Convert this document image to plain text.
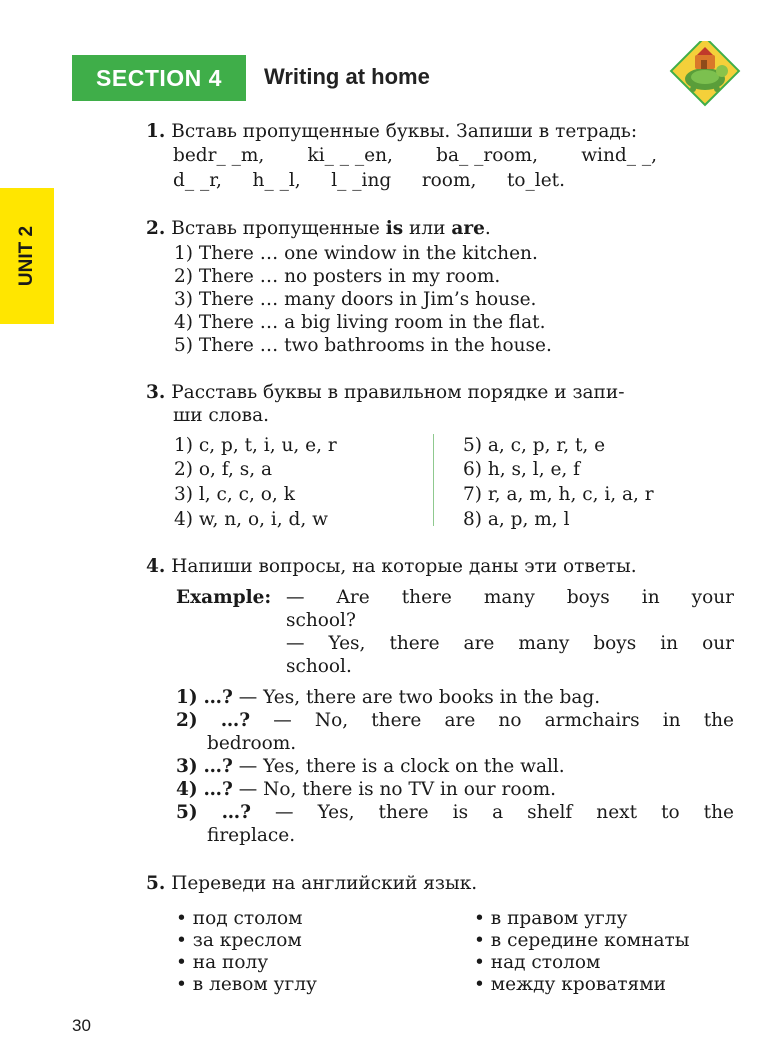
SECTION 4	Writing at home
UNIT 2
1. Вставь пропущенные буквы. Запиши в тетрадь:
bedr_ _m, ki_ _ _en, ba_ _room, wind_ _,
d_ _r, h_ _l, l_ _ing room, to_let.
2. Вставь пропущенные is или are.
1) There … one window in the kitchen.
2) There … no posters in my room.
3) There … many doors in Jim’s house.
4) There … a big living room in the flat.
5) There … two bathrooms in the house.
3. Расставь буквы в правильном порядке и запи-
ши слова.
1) c, p, t, i, u, e, r
2) o, f, s, a
3) l, c, c, o, k
4) w, n, o, i, d, w
5) a, c, p, r, t, e
6) h, s, l, e, f
7) r, a, m, h, c, i, a, r
8) a, p, m, l
4. Напиши вопросы, на которые даны эти ответы.
Example: — Are there many boys in your
school?
— Yes, there are many boys in our
school.
1) …? — Yes, there are two books in the bag.
2) …? — No, there are no armchairs in the
bedroom.
3) …? — Yes, there is a clock on the wall.
4) …? — No, there is no TV in our room.
5) …? — Yes, there is a shelf next to the
fireplace.
5. Переведи на английский язык.
• под столом
• за креслом
• на полу
• в левом углу
• в правом углу
• в середине комнаты
• над столом
• между кроватями
30
